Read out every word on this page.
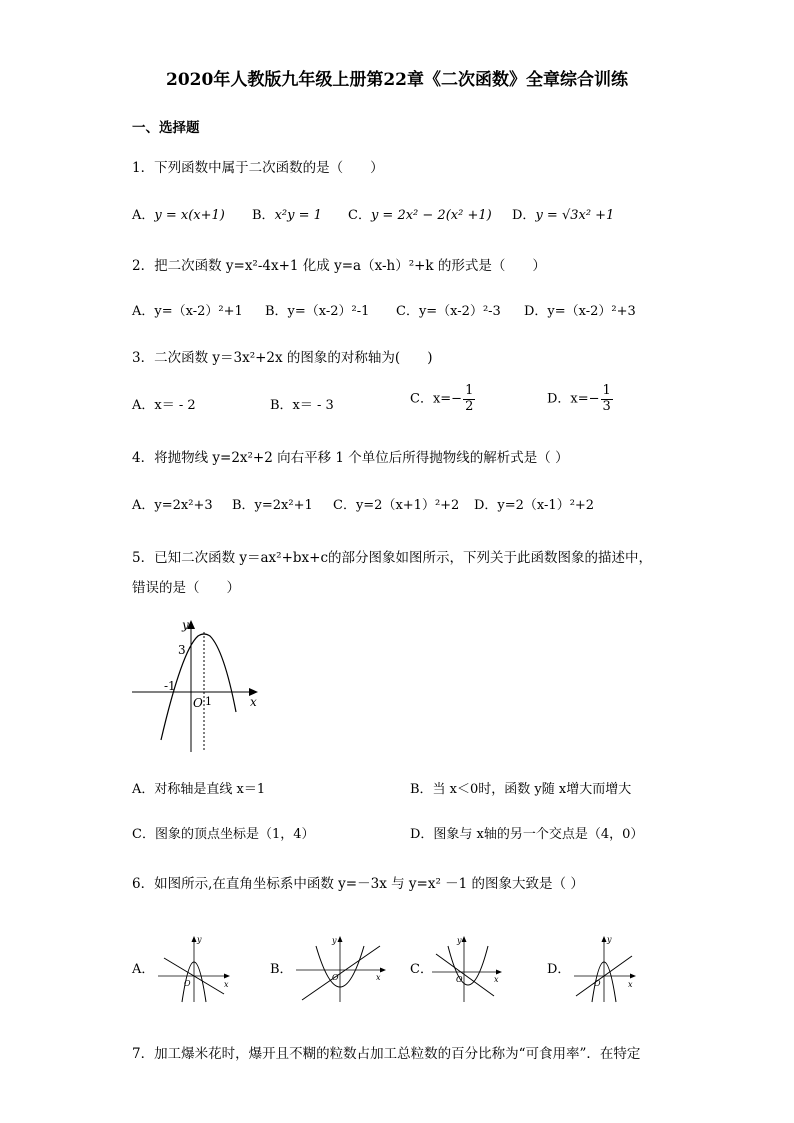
2020年人教版九年级上册第22章《二次函数》全章综合训练
一、选择题
1．下列函数中属于二次函数的是（　　）
A．y = x(x+1) B．x²y = 1 C．y = 2x² − 2(x² +1) D．y = √3x² +1
2．把二次函数 y=x²-4x+1 化成 y=a（x-h）²+k 的形式是（　　）
A．y=（x-2）²+1 B．y=（x-2）²-1 C．y=（x-2）²-3 D．y=（x-2）²+3
3．二次函数 y＝3x²+2x 的图象的对称轴为(　　)
A．x＝ - 2	B．x＝ - 3	C．$x=- \frac{1}{2}$	D．$x=- \frac{1}{3}$
4．将抛物线 y=2x²+2 向右平移 1 个单位后所得抛物线的解析式是（ ）
A．y=2x²+3 B．y=2x²+1 C．y=2（x+1）²+2 D．y=2（x-1）²+2
5．已知二次函数 y＝ax²+bx+c的部分图象如图所示，下列关于此函数图象的描述中，
错误的是（　　）
y
x
O
3
-1
1
A．对称轴是直线 x＝1	B．当 x＜0时，函数 y随 x增大而增大
C．图象的顶点坐标是（1，4）	D．图象与 x轴的另一个交点是（4，0）
6．如图所示,在直角坐标系中函数 y=－3x 与 y=x² －1 的图象大致是（ ）
A．
y
x
O
B．
y
x
O
C．
y
x
O
D．
y
x
O
7．加工爆米花时，爆开且不糊的粒数占加工总粒数的百分比称为“可食用率”．在特定
